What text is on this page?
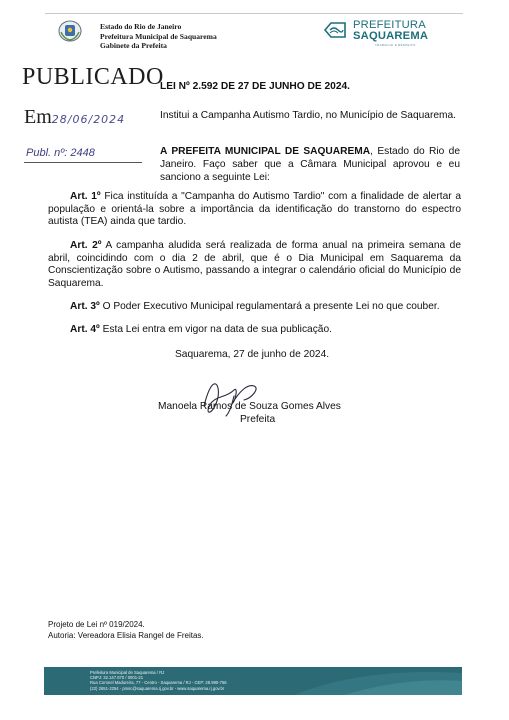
Estado do Rio de Janeiro
Prefeitura Municipal de Saquarema
Gabinete da Prefeita
PREFEITURA
SAQUAREMA
TRABALHO E RESPEITO
PUBLICADO
Em28/06/2024
Publ. nº: 2448
LEI Nº 2.592 DE 27 DE JUNHO DE 2024.
Institui a Campanha Autismo Tardio, no Município de Saquarema.
A PREFEITA MUNICIPAL DE SAQUAREMA, Estado do Rio de Janeiro. Faço saber que a Câmara Municipal aprovou e eu sanciono a seguinte Lei:
Art. 1º Fica instituída a "Campanha do Autismo Tardio" com a finalidade de alertar a população e orientá-la sobre a importância da identificação do transtorno do espectro autista (TEA) ainda que tardio.
Art. 2º A campanha aludida será realizada de forma anual na primeira semana de abril, coincidindo com o dia 2 de abril, que é o Dia Municipal em Saquarema da Conscientização sobre o Autismo, passando a integrar o calendário oficial do Município de Saquarema.
Art. 3º O Poder Executivo Municipal regulamentará a presente Lei no que couber.
Art. 4º Esta Lei entra em vigor na data de sua publicação.
Saquarema, 27 de junho de 2024.
Manoela Ramos de Souza Gomes Alves
Prefeita
Projeto de Lei nº 019/2024.
Autoria: Vereadora Elisia Rangel de Freitas.
Prefeitura Municipal de Saquarema / RJ
CNPJ: 32.147.670 / 0001-21
Rua Coronel Madureira, 77 - Centro - Saquarema / RJ - CEP: 28.990-756
(22) 2651-2254 - pmsc@saquarema.rj.gov.br - www.saquarema.rj.gov.br
